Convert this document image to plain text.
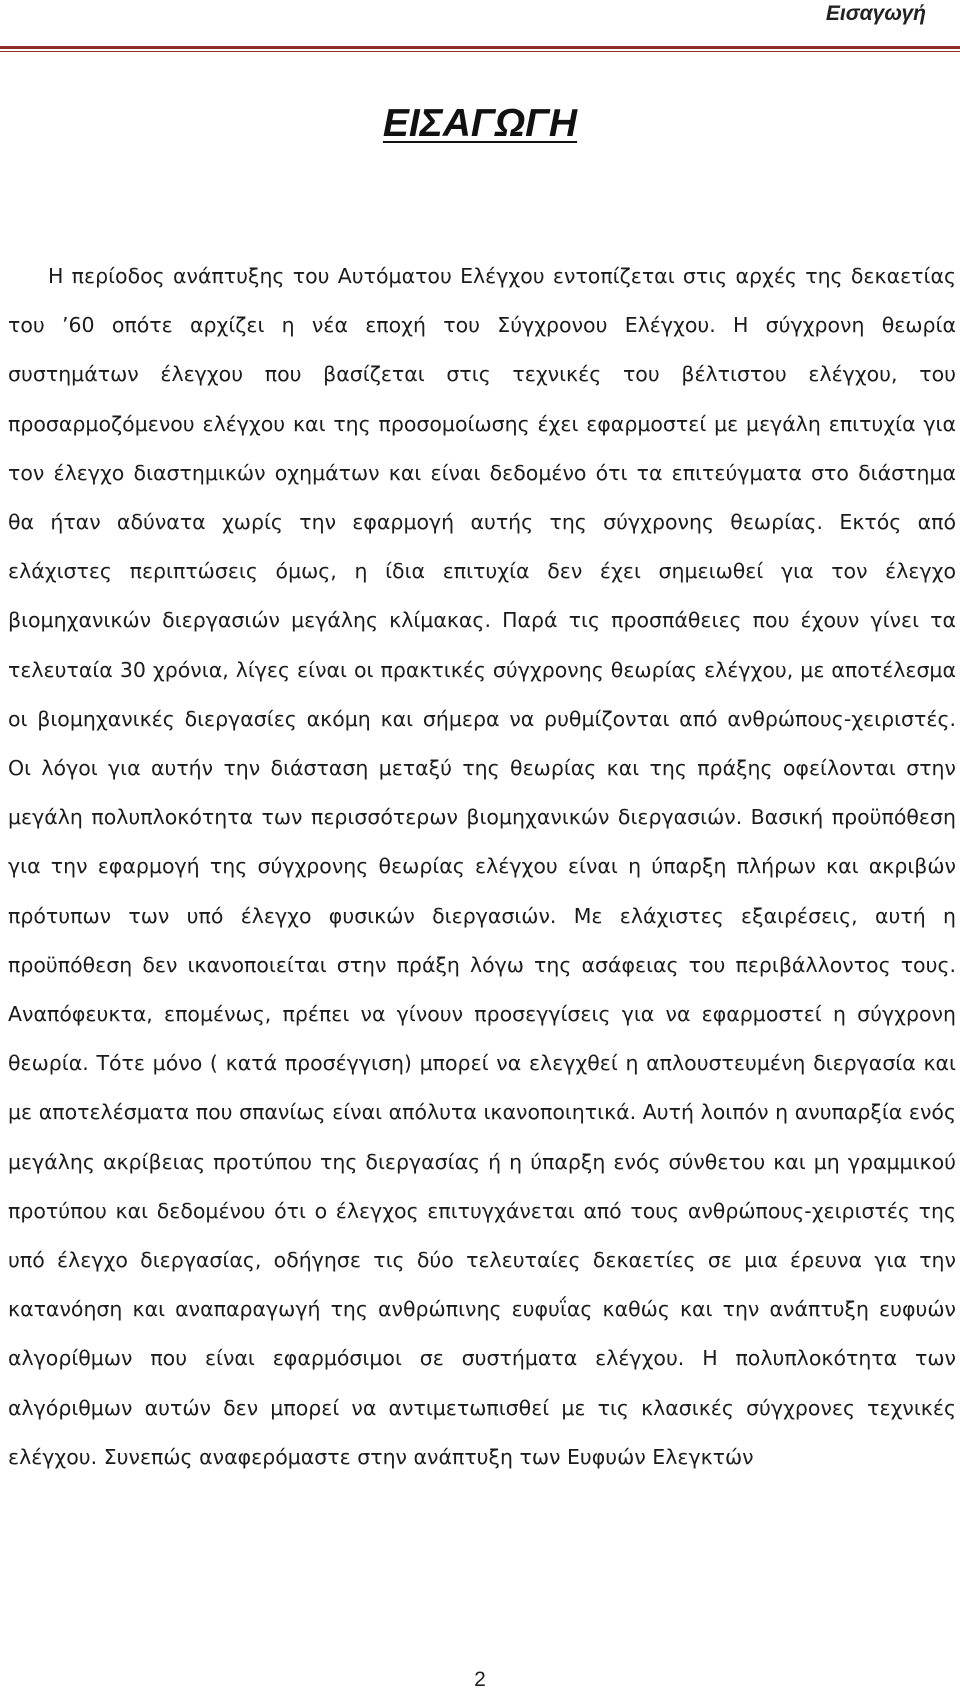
Εισαγωγή
ΕΙΣΑΓΩΓΗ

Η περίοδος ανάπτυξης του Αυτόματου Ελέγχου εντοπίζεται στις αρχές της δεκαετίας του ’60 οπότε αρχίζει η νέα εποχή του Σύγχρονου Ελέγχου. Η σύγχρονη θεωρία συστημάτων έλεγχου που βασίζεται στις τεχνικές του βέλτιστου ελέγχου, του προσαρμοζόμενου ελέγχου και της προσομοίωσης έχει εφαρμοστεί με μεγάλη επιτυχία για τον έλεγχο διαστημικών οχημάτων και είναι δεδομένο ότι τα επιτεύγματα στο διάστημα θα ήταν αδύνατα χωρίς την εφαρμογή αυτής της σύγχρονης θεωρίας. Εκτός από ελάχιστες περιπτώσεις όμως, η ίδια επιτυχία δεν έχει σημειωθεί για τον έλεγχο βιομηχανικών διεργασιών μεγάλης κλίμακας. Παρά τις προσπάθειες που έχουν γίνει τα τελευταία 30 χρόνια, λίγες είναι οι πρακτικές σύγχρονης θεωρίας ελέγχου, με αποτέλεσμα οι βιομηχανικές διεργασίες ακόμη και σήμερα να ρυθμίζονται από ανθρώπους-χειριστές. Οι λόγοι για αυτήν την διάσταση μεταξύ της θεωρίας και της πράξης οφείλονται στην μεγάλη πολυπλοκότητα των περισσότερων βιομηχανικών διεργασιών. Βασική προϋπόθεση για την εφαρμογή της σύγχρονης θεωρίας ελέγχου είναι η ύπαρξη πλήρων και ακριβών πρότυπων των υπό έλεγχο φυσικών διεργασιών. Με ελάχιστες εξαιρέσεις, αυτή η προϋπόθεση δεν ικανοποιείται στην πράξη λόγω της ασάφειας του περιβάλλοντος τους. Αναπόφευκτα, επομένως, πρέπει να γίνουν προσεγγίσεις για να εφαρμοστεί η σύγχρονη θεωρία. Τότε μόνο ( κατά προσέγγιση) μπορεί να ελεγχθεί η απλουστευμένη διεργασία και με αποτελέσματα που σπανίως είναι απόλυτα ικανοποιητικά. Αυτή λοιπόν η ανυπαρξία ενός μεγάλης ακρίβειας προτύπου της διεργασίας ή η ύπαρξη ενός σύνθετου και μη γραμμικού προτύπου και δεδομένου ότι ο έλεγχος επιτυγχάνεται από τους ανθρώπους-χειριστές της υπό έλεγχο διεργασίας, οδήγησε τις δύο τελευταίες δεκαετίες σε μια έρευνα για την κατανόηση και αναπαραγωγή της ανθρώπινης ευφυΐας καθώς και την ανάπτυξη ευφυών αλγορίθμων που είναι εφαρμόσιμοι σε συστήματα ελέγχου. Η πολυπλοκότητα των αλγόριθμων αυτών δεν μπορεί να αντιμετωπισθεί με τις κλασικές σύγχρονες τεχνικές ελέγχου. Συνεπώς αναφερόμαστε στην ανάπτυξη των Ευφυών Ελεγκτών

2
